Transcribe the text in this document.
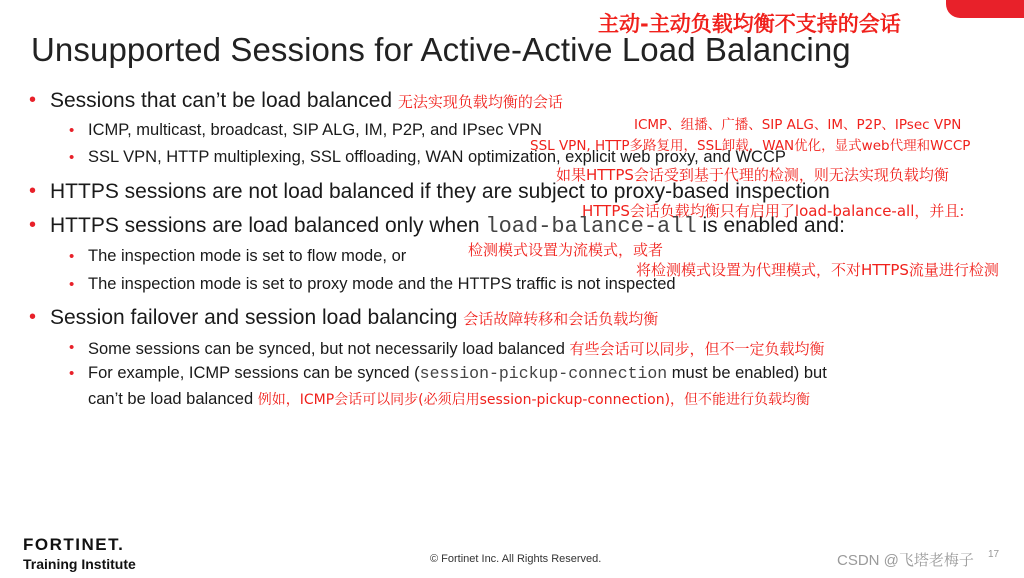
主动-主动负载均衡不支持的会话
Unsupported Sessions for Active-Active Load Balancing
• Sessions that can’t be load balanced 无法实现负载均衡的会话
• ICMP, multicast, broadcast, SIP ALG, IM, P2P, and IPsec VPN	ICMP、组播、广播、SIP ALG、IM、P2P、IPsec VPN
SSL VPN, HTTP多路复用，SSL卸载，WAN优化，显式web代理和WCCP
• SSL VPN, HTTP multiplexing, SSL offloading, WAN optimization, explicit web proxy, and WCCP
如果HTTPS会话受到基于代理的检测，则无法实现负载均衡
• HTTPS sessions are not load balanced if they are subject to proxy-based inspection
HTTPS会话负载均衡只有启用了load-balance-all，并且:
• HTTPS sessions are load balanced only when load-balance-all is enabled and:
检测模式设置为流模式，或者
• The inspection mode is set to flow mode, or
将检测模式设置为代理模式，不对HTTPS流量进行检测
• The inspection mode is set to proxy mode and the HTTPS traffic is not inspected
• Session failover and session load balancing 会话故障转移和会话负载均衡
• Some sessions can be synced, but not necessarily load balanced 有些会话可以同步，但不一定负载均衡
• For example, ICMP sessions can be synced (session-pickup-connection must be enabled) but
can’t be load balanced 例如，ICMP会话可以同步(必须启用session-pickup-connection)，但不能进行负载均衡
FORTINET.
Training Institute	© Fortinet Inc. All Rights Reserved.	CSDN @飞塔老梅子 17
